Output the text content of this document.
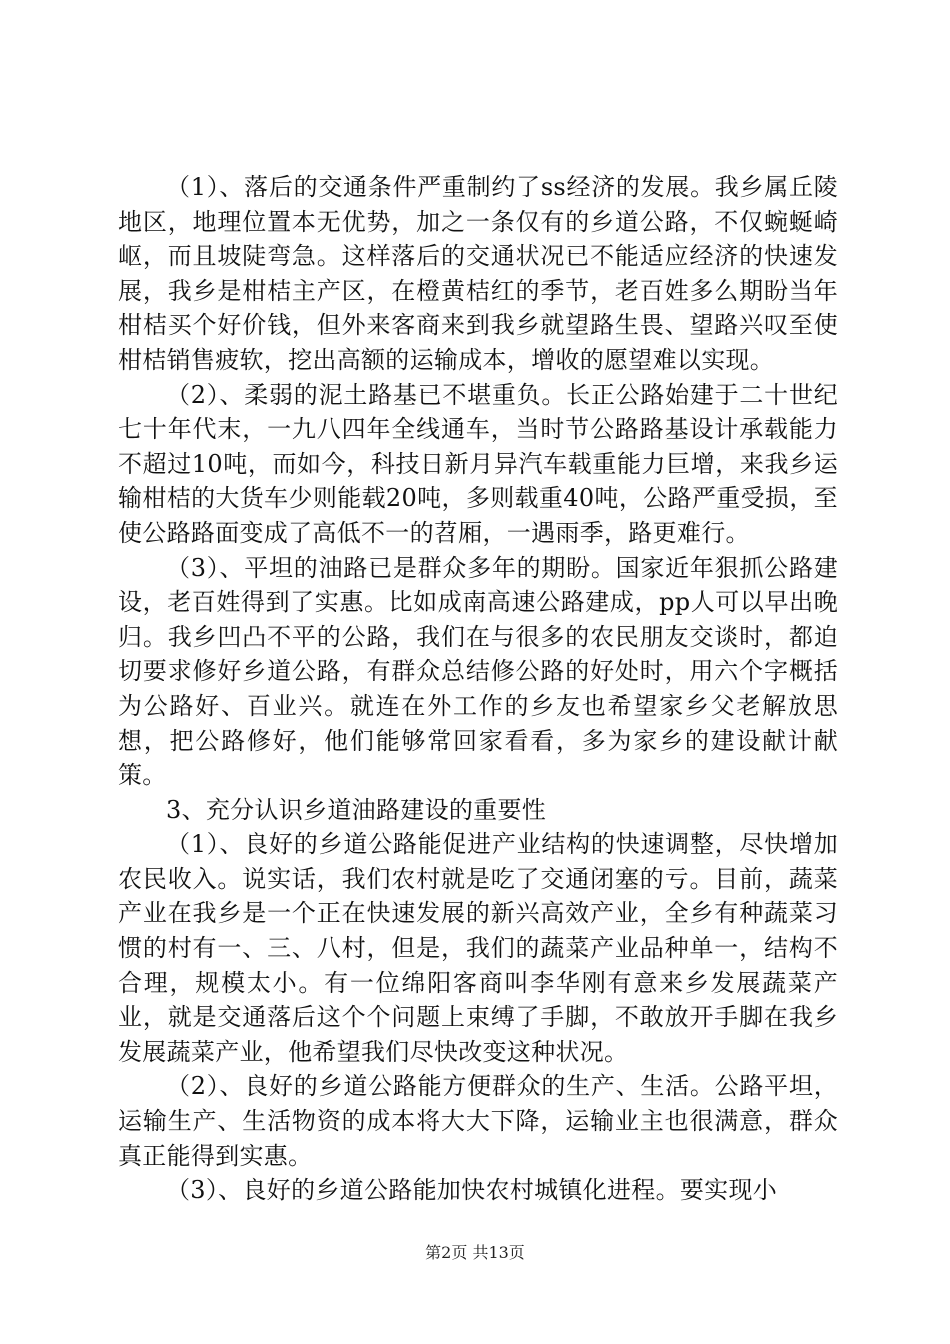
（1）、落后的交通条件严重制约了ss经济的发展。我乡属丘陵地区，地理位置本无优势，加之一条仅有的乡道公路，不仅蜿蜒崎岖，而且坡陡弯急。这样落后的交通状况已不能适应经济的快速发展，我乡是柑桔主产区，在橙黄桔红的季节，老百姓多么期盼当年柑桔买个好价钱，但外来客商来到我乡就望路生畏、望路兴叹至使柑桔销售疲软，挖出高额的运输成本，增收的愿望难以实现。

（2）、柔弱的泥土路基已不堪重负。长正公路始建于二十世纪七十年代末，一九八四年全线通车，当时节公路路基设计承载能力不超过10吨，而如今，科技日新月异汽车载重能力巨增，来我乡运输柑桔的大货车少则能载20吨，多则载重40吨，公路严重受损，至使公路路面变成了高低不一的苕厢，一遇雨季，路更难行。

（3）、平坦的油路已是群众多年的期盼。国家近年狠抓公路建设，老百姓得到了实惠。比如成南高速公路建成，pp人可以早出晚归。我乡凹凸不平的公路，我们在与很多的农民朋友交谈时，都迫切要求修好乡道公路，有群众总结修公路的好处时，用六个字概括为公路好、百业兴。就连在外工作的乡友也希望家乡父老解放思想，把公路修好，他们能够常回家看看，多为家乡的建设献计献策。

3、充分认识乡道油路建设的重要性

（1）、良好的乡道公路能促进产业结构的快速调整，尽快增加农民收入。说实话，我们农村就是吃了交通闭塞的亏。目前，蔬菜产业在我乡是一个正在快速发展的新兴高效产业，全乡有种蔬菜习惯的村有一、三、八村，但是，我们的蔬菜产业品种单一，结构不合理，规模太小。有一位绵阳客商叫李华刚有意来乡发展蔬菜产业，就是交通落后这个个问题上束缚了手脚，不敢放开手脚在我乡发展蔬菜产业，他希望我们尽快改变这种状况。

（2）、良好的乡道公路能方便群众的生产、生活。公路平坦，运输生产、生活物资的成本将大大下降，运输业主也很满意，群众真正能得到实惠。

（3）、良好的乡道公路能加快农村城镇化进程。要实现小

第2页 共13页
